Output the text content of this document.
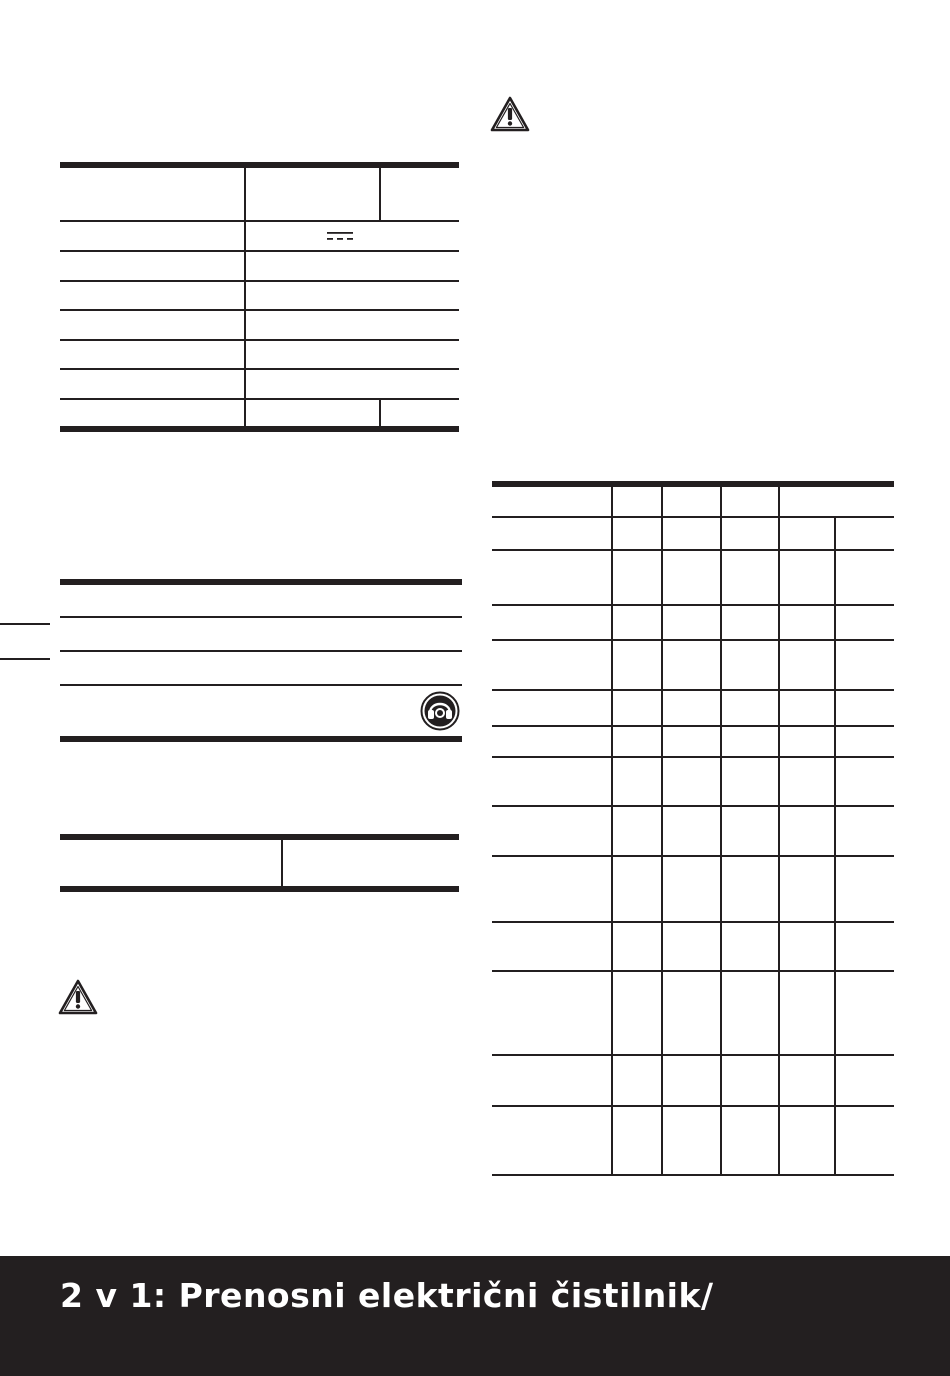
2 v 1: Prenosni električni čistilnik/
